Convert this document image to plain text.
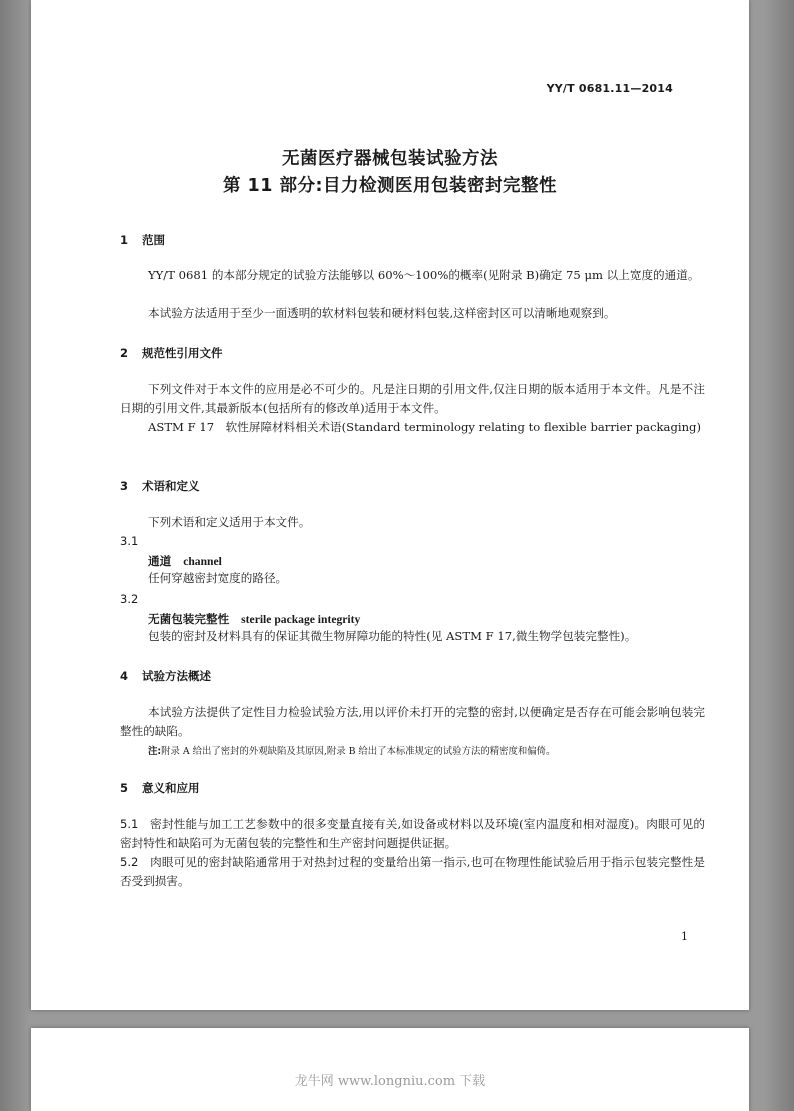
YY/T 0681.11—2014
无菌医疗器械包装试验方法
第 11 部分:目力检测医用包装密封完整性
1 范围
YY/T 0681 的本部分规定的试验方法能够以 60%～100%的概率(见附录 B)确定 75 μm 以上宽度的通道。
本试验方法适用于至少一面透明的软材料包装和硬材料包装,这样密封区可以清晰地观察到。
2 规范性引用文件
下列文件对于本文件的应用是必不可少的。凡是注日期的引用文件,仅注日期的版本适用于本文件。凡是不注日期的引用文件,其最新版本(包括所有的修改单)适用于本文件。
ASTM F 17　软性屏障材料相关术语(Standard terminology relating to flexible barrier packaging)
3 术语和定义
下列术语和定义适用于本文件。
3.1
通道 channel
任何穿越密封宽度的路径。
3.2
无菌包装完整性 sterile package integrity
包装的密封及材料具有的保证其微生物屏障功能的特性(见 ASTM F 17,微生物学包装完整性)。
4 试验方法概述
本试验方法提供了定性目力检验试验方法,用以评价未打开的完整的密封,以便确定是否存在可能会影响包装完整性的缺陷。
注:附录 A 给出了密封的外观缺陷及其原因,附录 B 给出了本标准规定的试验方法的精密度和偏倚。
5 意义和应用
5.1 密封性能与加工工艺参数中的很多变量直接有关,如设备或材料以及环境(室内温度和相对湿度)。肉眼可见的密封特性和缺陷可为无菌包装的完整性和生产密封问题提供证据。
5.2 肉眼可见的密封缺陷通常用于对热封过程的变量给出第一指示,也可在物理性能试验后用于指示包装完整性是否受到损害。
1
龙牛网 www.longniu.com 下载
